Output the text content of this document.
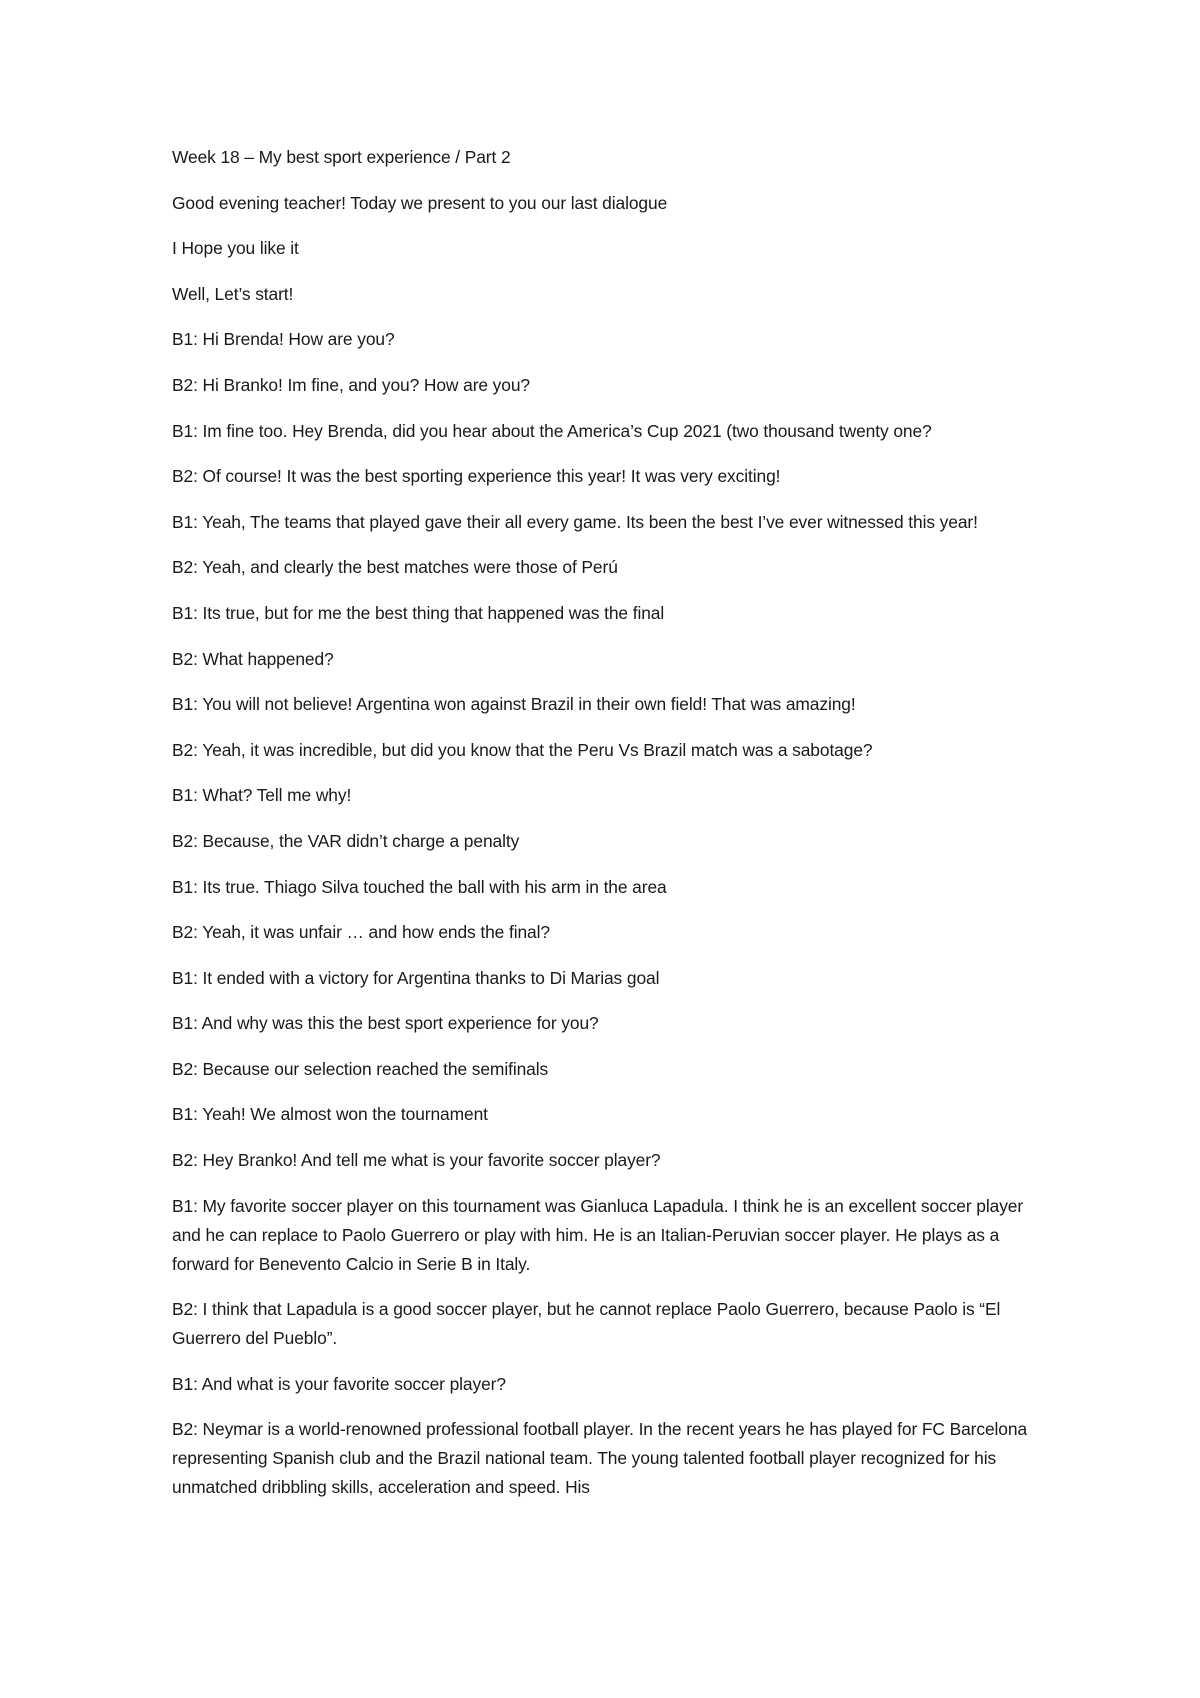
Week 18 – My best sport experience / Part 2

Good evening teacher! Today we present to you our last dialogue

I Hope you like it

Well, Let’s start!

B1: Hi Brenda! How are you?

B2: Hi Branko! Im fine, and you? How are you?

B1: Im fine too. Hey Brenda, did you hear about the America’s Cup 2021 (two thousand twenty one?

B2: Of course! It was the best sporting experience this year! It was very exciting!

B1: Yeah, The teams that played gave their all every game. Its been the best I’ve ever witnessed this year!

B2: Yeah, and clearly the best matches were those of Perú

B1: Its true, but for me the best thing that happened was the final

B2: What happened?

B1: You will not believe! Argentina won against Brazil in their own field! That was amazing!

B2: Yeah, it was incredible, but did you know that the Peru Vs Brazil match was a sabotage?

B1: What? Tell me why!

B2: Because, the VAR didn’t charge a penalty

B1: Its true. Thiago Silva touched the ball with his arm in the area

B2: Yeah, it was unfair … and how ends the final?

B1: It ended with a victory for Argentina thanks to Di Marias goal

B1: And why was this the best sport experience for you?

B2: Because our selection reached the semifinals

B1: Yeah! We almost won the tournament

B2: Hey Branko! And tell me what is your favorite soccer player?

B1: My favorite soccer player on this tournament was Gianluca Lapadula. I think he is an excellent soccer player and he can replace to Paolo Guerrero or play with him. He is an Italian-Peruvian soccer player. He plays as a forward for Benevento Calcio in Serie B in Italy.

B2: I think that Lapadula is a good soccer player, but he cannot replace Paolo Guerrero, because Paolo is “El Guerrero del Pueblo”.

B1: And what is your favorite soccer player?

B2: Neymar is a world-renowned professional football player. In the recent years he has played for FC Barcelona representing Spanish club and the Brazil national team. The young talented football player recognized for his unmatched dribbling skills, acceleration and speed. His
